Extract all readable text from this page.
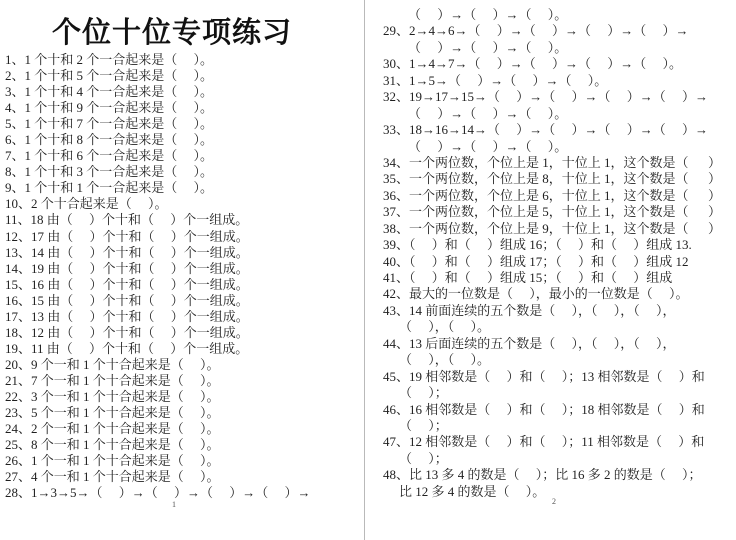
个位十位专项练习
1、1 个十和 2 个一合起来是（     ）。
2、1 个十和 5 个一合起来是（     ）。
3、1 个十和 4 个一合起来是（     ）。
4、1 个十和 9 个一合起来是（     ）。
5、1 个十和 7 个一合起来是（     ）。
6、1 个十和 8 个一合起来是（     ）。
7、1 个十和 6 个一合起来是（     ）。
8、1 个十和 3 个一合起来是（     ）。
9、1 个十和 1 个一合起来是（     ）。
10、2 个十合起来是（     ）。
11、18 由（     ）个十和（     ）个一组成。
12、17 由（     ）个十和（     ）个一组成。
13、14 由（     ）个十和（     ）个一组成。
14、19 由（     ）个十和（     ）个一组成。
15、16 由（     ）个十和（     ）个一组成。
16、15 由（     ）个十和（     ）个一组成。
17、13 由（     ）个十和（     ）个一组成。
18、12 由（     ）个十和（     ）个一组成。
19、11 由（     ）个十和（     ）个一组成。
20、9 个一和 1 个十合起来是（     ）。
21、7 个一和 1 个十合起来是（     ）。
22、3 个一和 1 个十合起来是（     ）。
23、5 个一和 1 个十合起来是（     ）。
24、2 个一和 1 个十合起来是（     ）。
25、8 个一和 1 个十合起来是（     ）。
26、1 个一和 1 个十合起来是（     ）。
27、4 个一和 1 个十合起来是（     ）。
28、1→3→5→（     ）→（     ）→（     ）→（     ）→
1
（     ）→（     ）→（     ）。
29、2→4→6→（     ）→（     ）→（     ）→（     ）→
（     ）→（     ）→（     ）。
30、1→4→7→（     ）→（     ）→（     ）→（     ）。
31、1→5→（     ）→（     ）→（     ）。
32、19→17→15→（     ）→（     ）→（     ）→（     ）→
（     ）→（     ）→（     ）。
33、18→16→14→（     ）→（     ）→（     ）→（     ）→
（     ）→（     ）→（     ）。
34、一个两位数，个位上是 1，十位上 1，这个数是（      ）
35、一个两位数，个位上是 8，十位上 1，这个数是（      ）
36、一个两位数，个位上是 6，十位上 1，这个数是（      ）
37、一个两位数，个位上是 5，十位上 1，这个数是（      ）
38、一个两位数，个位上是 9，十位上 1，这个数是（      ）
39、（     ）和（     ）组成 16；（     ）和（     ）组成 13.
40、（     ）和（     ）组成 17；（     ）和（     ）组成 12
41、（     ）和（     ）组成 15；（     ）和（     ）组成
42、最大的一位数是（     ），最小的一位数是（     ）。
43、14 前面连续的五个数是（     ），（     ），（     ），
（     ），（     ）。
44、13 后面连续的五个数是（     ），（     ），（     ），
（     ），（     ）。
45、19 相邻数是（     ）和（     ）；13 相邻数是（     ）和
（     ）；
46、16 相邻数是（     ）和（     ）；18 相邻数是（     ）和
（     ）；
47、12 相邻数是（     ）和（     ）；11 相邻数是（     ）和
（     ）；
48、比 13 多 4 的数是（     ）；比 16 多 2 的数是（     ）；
比 12 多 4 的数是（     ）。
2
